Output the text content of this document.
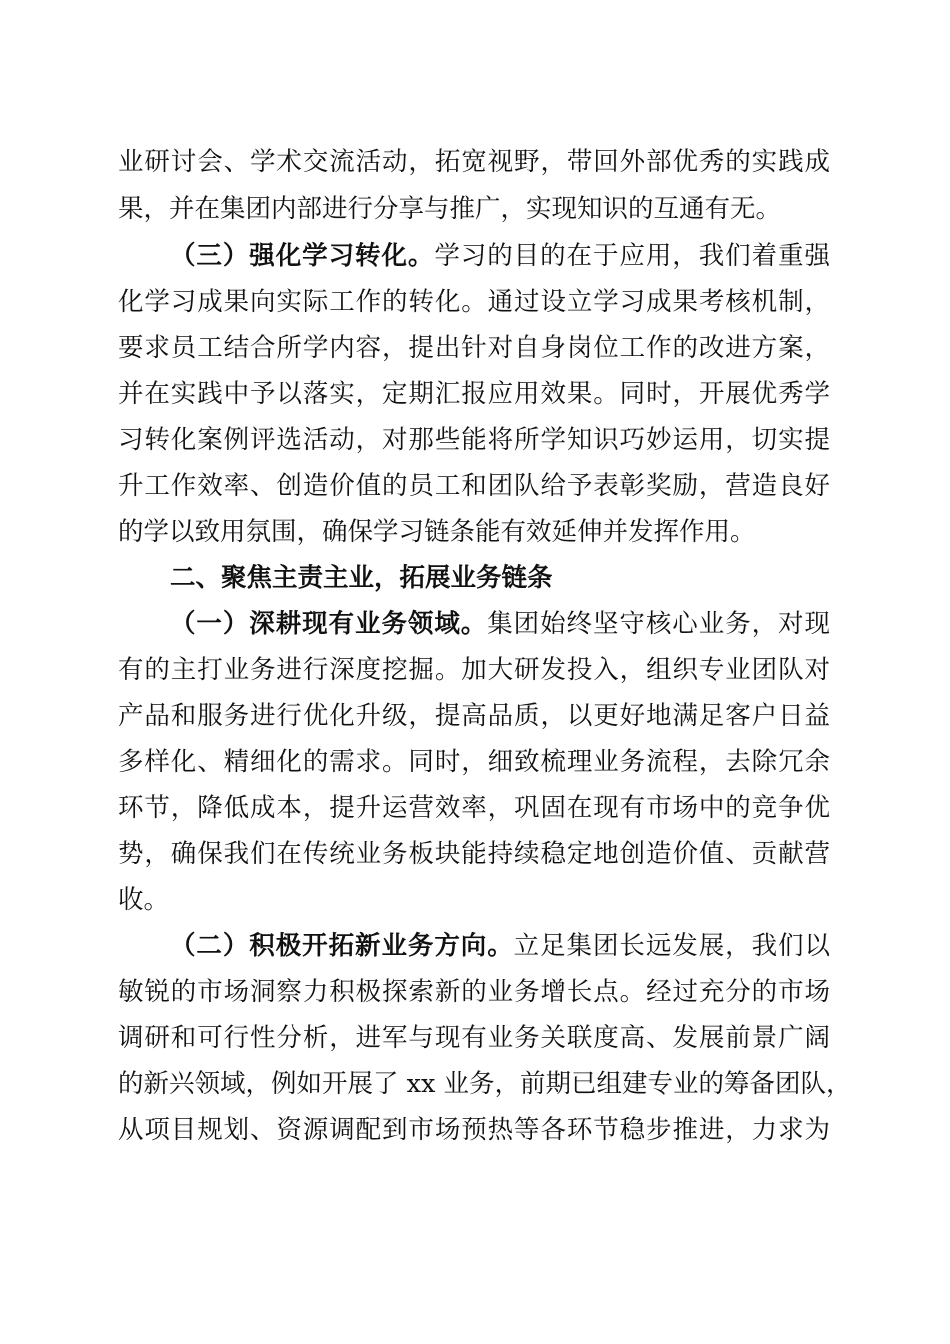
业研讨会、学术交流活动，拓宽视野，带回外部优秀的实践成
果，并在集团内部进行分享与推广，实现知识的互通有无。
（三）强化学习转化。学习的目的在于应用，我们着重强
化学习成果向实际工作的转化。通过设立学习成果考核机制，
要求员工结合所学内容，提出针对自身岗位工作的改进方案，
并在实践中予以落实，定期汇报应用效果。同时，开展优秀学
习转化案例评选活动，对那些能将所学知识巧妙运用，切实提
升工作效率、创造价值的员工和团队给予表彰奖励，营造良好
的学以致用氛围，确保学习链条能有效延伸并发挥作用。
二、聚焦主责主业，拓展业务链条
（一）深耕现有业务领域。集团始终坚守核心业务，对现
有的主打业务进行深度挖掘。加大研发投入，组织专业团队对
产品和服务进行优化升级，提高品质，以更好地满足客户日益
多样化、精细化的需求。同时，细致梳理业务流程，去除冗余
环节，降低成本，提升运营效率，巩固在现有市场中的竞争优
势，确保我们在传统业务板块能持续稳定地创造价值、贡献营
收。
（二）积极开拓新业务方向。立足集团长远发展，我们以
敏锐的市场洞察力积极探索新的业务增长点。经过充分的市场
调研和可行性分析，进军与现有业务关联度高、发展前景广阔
的新兴领域，例如开展了 xx 业务，前期已组建专业的筹备团队，
从项目规划、资源调配到市场预热等各环节稳步推进，力求为
